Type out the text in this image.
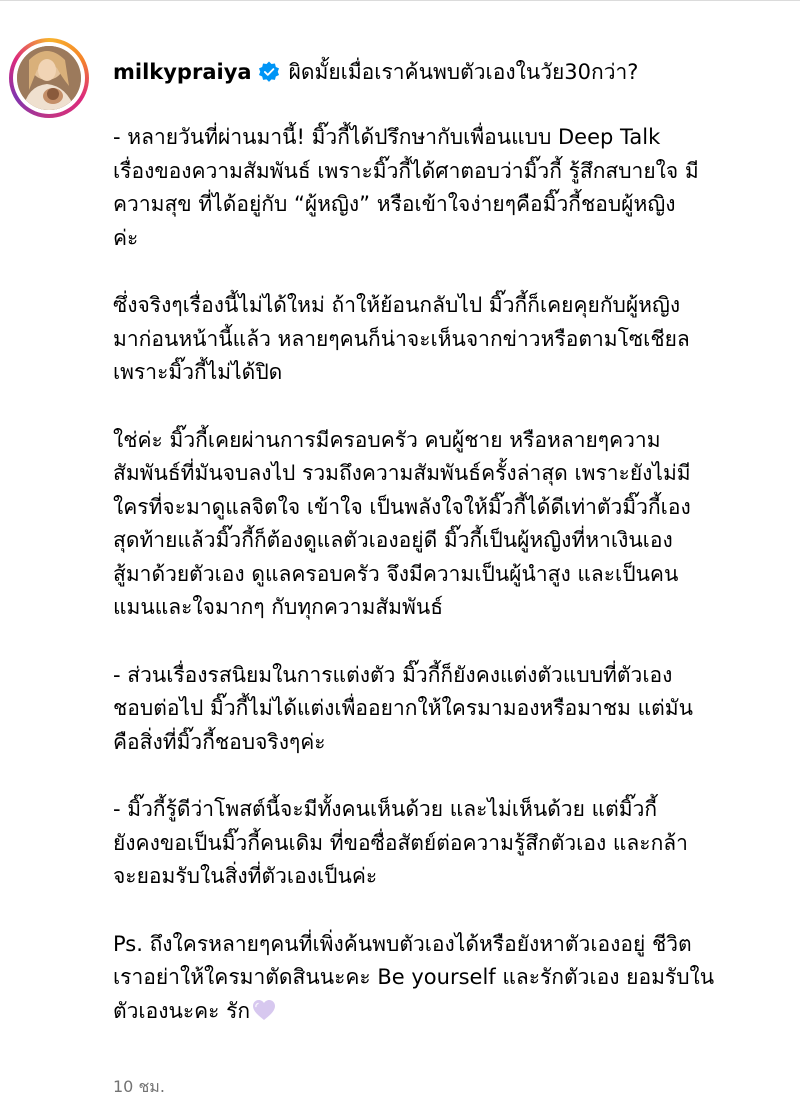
milkypraiya ผิดมั้ยเมื่อเราค้นพบตัวเองในวัย30กว่า?

- หลายวันที่ผ่านมานี้! มิ๊วกี้ได้ปรึกษากับเพื่อนแบบ Deep Talk
เรื่องของความสัมพันธ์ เพราะมิ๊วกี้ได้ศาตอบว่ามิ๊วกี้ รู้สึกสบายใจ มี
ความสุข ที่ได้อยู่กับ “ผู้หญิง” หรือเข้าใจง่ายๆคือมิ๊วกี้ชอบผู้หญิง
ค่ะ

ซึ่งจริงๆเรื่องนี้ไม่ได้ใหม่ ถ้าให้ย้อนกลับไป มิ๊วกี้ก็เคยคุยกับผู้หญิง
มาก่อนหน้านี้แล้ว หลายๆคนก็น่าจะเห็นจากข่าวหรือตามโซเชียล
เพราะมิ๊วกี้ไม่ได้ปิด

ใช่ค่ะ มิ๊วกี้เคยผ่านการมีครอบครัว คบผู้ชาย หรือหลายๆความ
สัมพันธ์ที่มันจบลงไป รวมถึงความสัมพันธ์ครั้งล่าสุด เพราะยังไม่มี
ใครที่จะมาดูแลจิตใจ เข้าใจ เป็นพลังใจให้มิ๊วกี้ได้ดีเท่าตัวมิ๊วกี้เอง
สุดท้ายแล้วมิ๊วกี้ก็ต้องดูแลตัวเองอยู่ดี มิ๊วกี้เป็นผู้หญิงที่หาเงินเอง
สู้มาด้วยตัวเอง ดูแลครอบครัว จึงมีความเป็นผู้นำสูง และเป็นคน
แมนและใจมากๆ กับทุกความสัมพันธ์

- ส่วนเรื่องรสนิยมในการแต่งตัว มิ๊วกี้ก็ยังคงแต่งตัวแบบที่ตัวเอง
ชอบต่อไป มิ๊วกี้ไม่ได้แต่งเพื่ออยากให้ใครมามองหรือมาชม แต่มัน
คือสิ่งที่มิ๊วกี้ชอบจริงๆค่ะ

- มิ๊วกี้รู้ดีว่าโพสต์นี้จะมีทั้งคนเห็นด้วย และไม่เห็นด้วย แต่มิ๊วกี้
ยังคงขอเป็นมิ๊วกี้คนเดิม ที่ขอซื่อสัตย์ต่อความรู้สึกตัวเอง และกล้า
จะยอมรับในสิ่งที่ตัวเองเป็นค่ะ

Ps. ถึงใครหลายๆคนที่เพิ่งค้นพบตัวเองได้หรือยังหาตัวเองอยู่ ชีวิต
เราอย่าให้ใครมาตัดสินนะคะ Be yourself และรักตัวเอง ยอมรับใน
ตัวเองนะคะ รัก

10 ชม.
